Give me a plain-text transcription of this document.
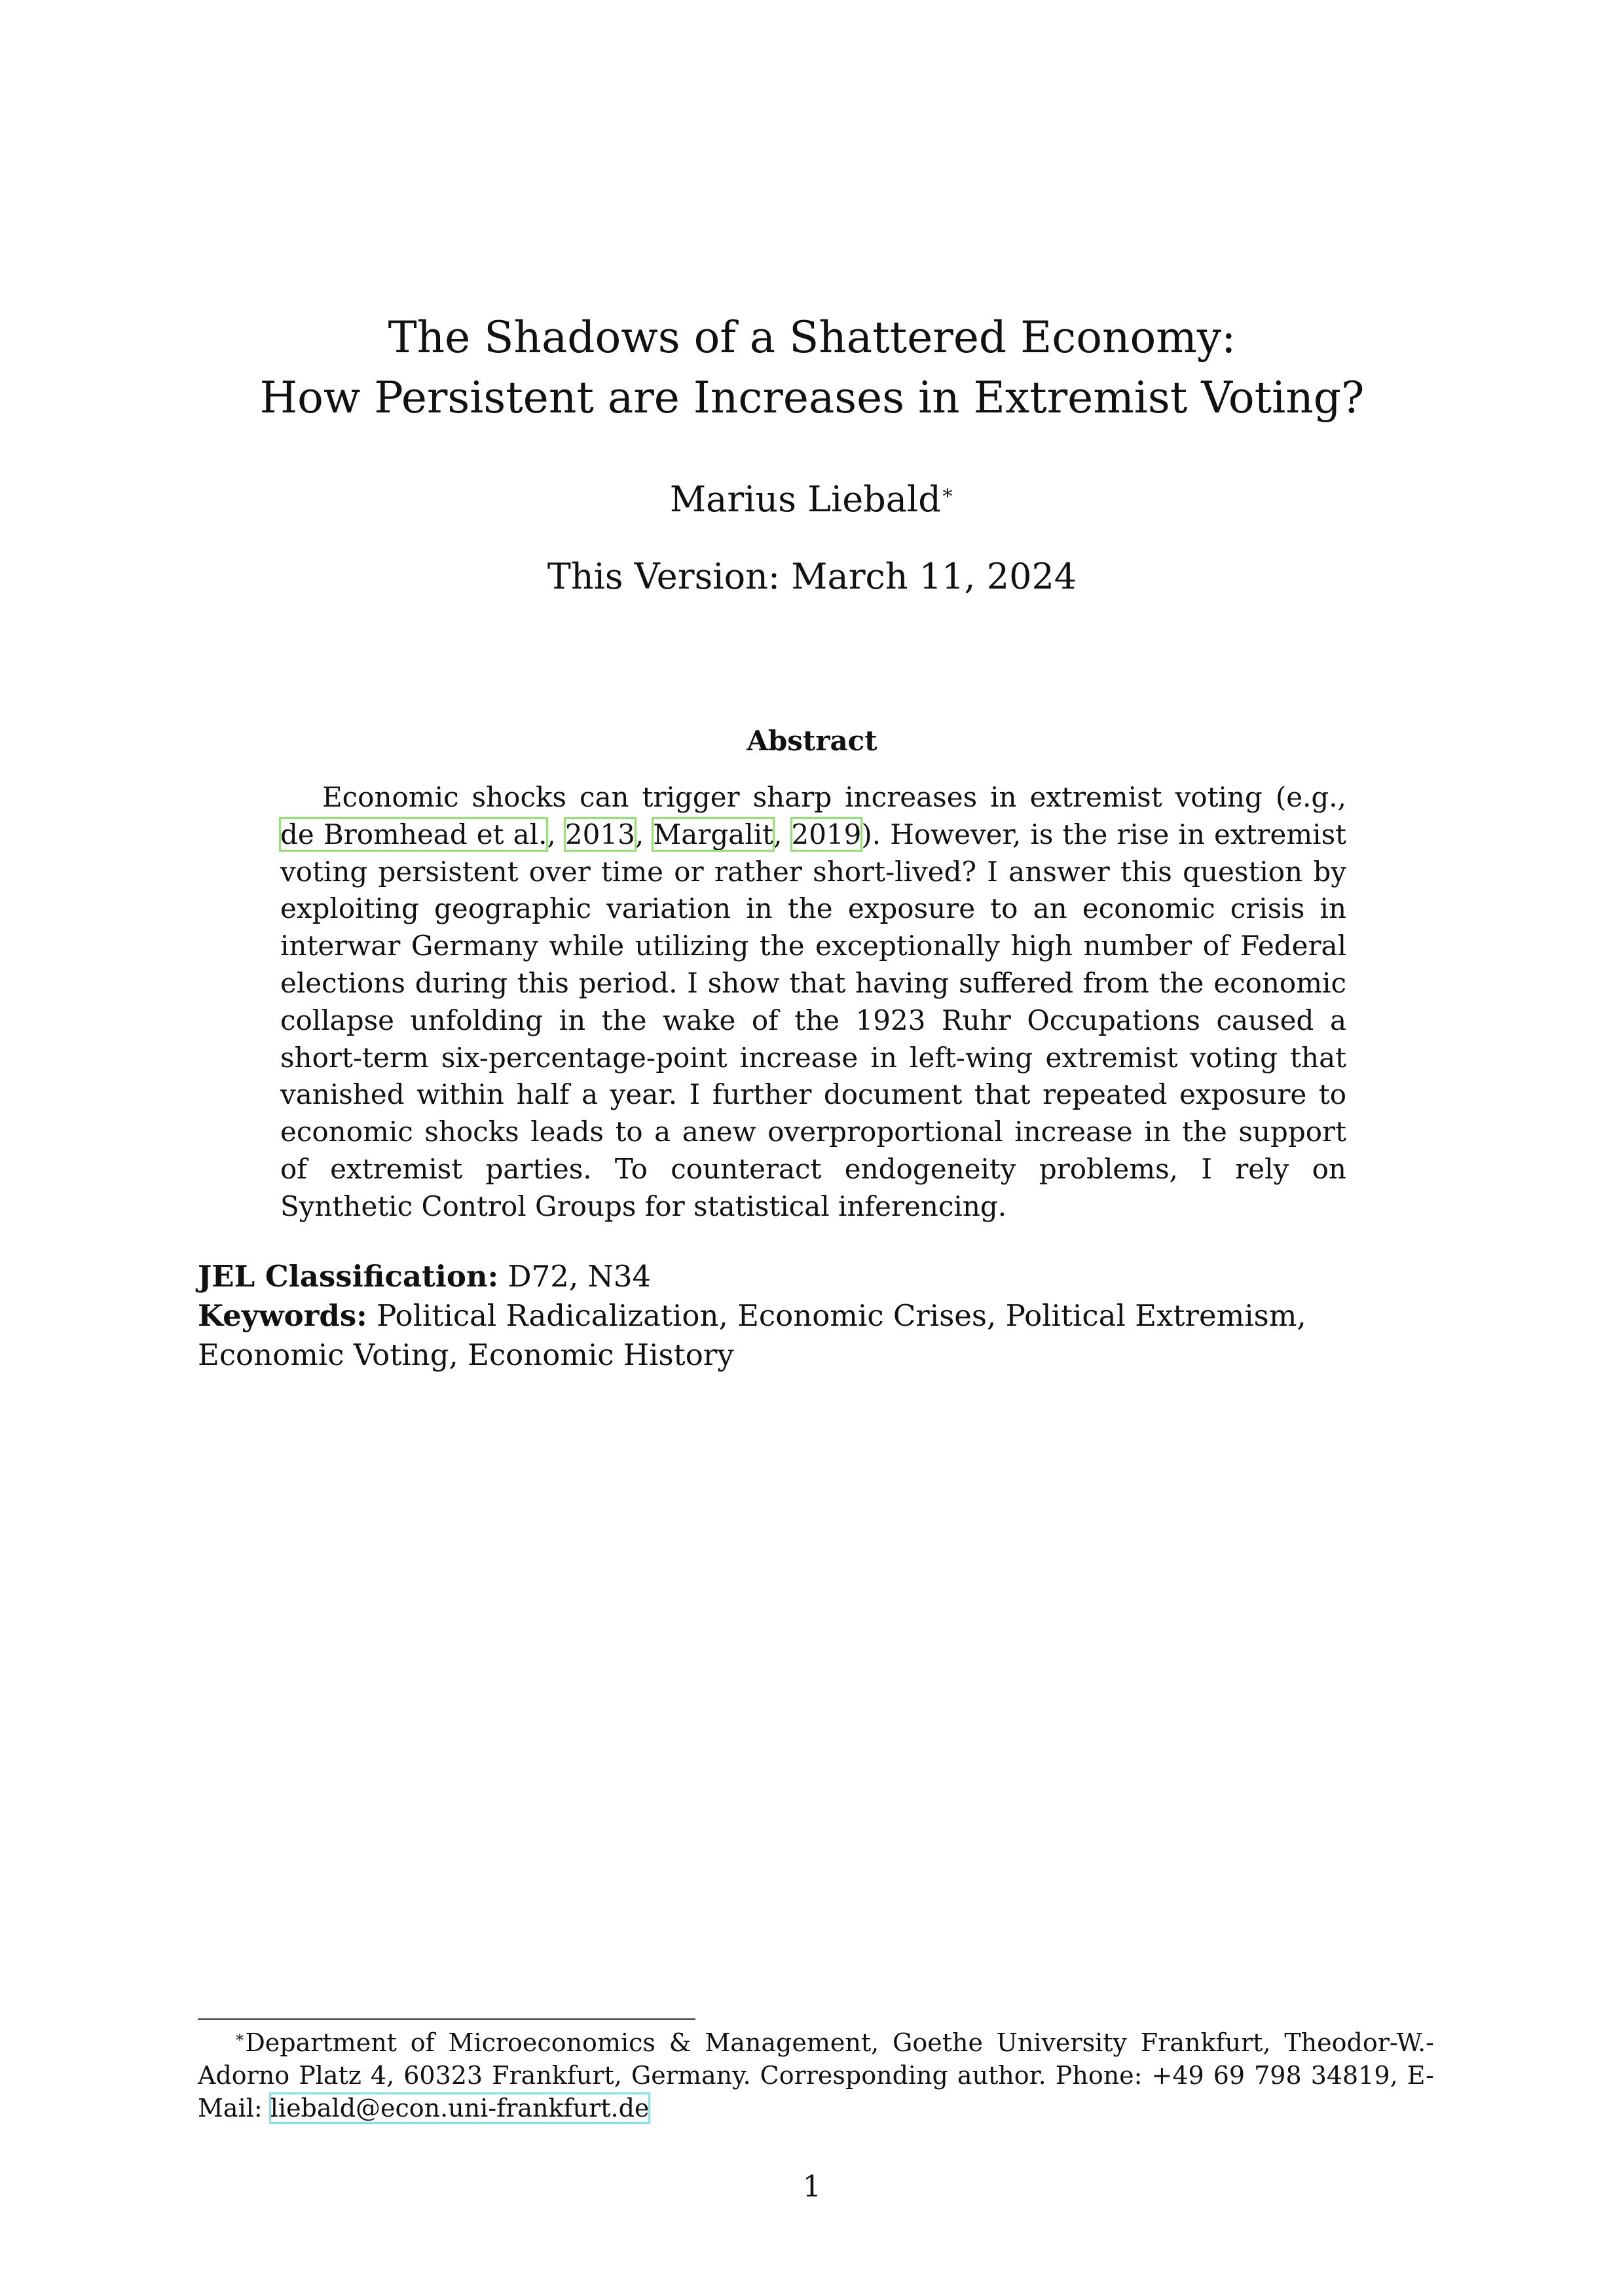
The Shadows of a Shattered Economy:

How Persistent are Increases in Extremist Voting?

Marius Liebald∗
This Version: March 11, 2024
Abstract

Economic shocks can trigger sharp increases in extremist voting (e.g., de Bromhead et al., 2013, Margalit, 2019). However, is the rise in extremist voting persistent over time or rather short-lived? I answer this question by exploiting geographic variation in the exposure to an economic crisis in interwar Germany while utilizing the exceptionally high number of Federal elections during this period. I show that having suffered from the economic collapse unfolding in the wake of the 1923 Ruhr Occupations caused a short-term six-percentage-point increase in left-wing extremist voting that vanished within half a year. I further document that repeated exposure to economic shocks leads to a anew overproportional increase in the support of extremist parties. To counteract endogeneity problems, I rely on Synthetic Control Groups for statistical inferencing.

JEL Classification: D72, N34

Keywords: Political Radicalization, Economic Crises, Political Extremism, Economic Voting, Economic History

∗Department of Microeconomics & Management, Goethe University Frankfurt, Theodor-W.-Adorno Platz 4, 60323 Frankfurt, Germany. Corresponding author. Phone: +49 69 798 34819, E-Mail: liebald@econ.uni-frankfurt.de

1
